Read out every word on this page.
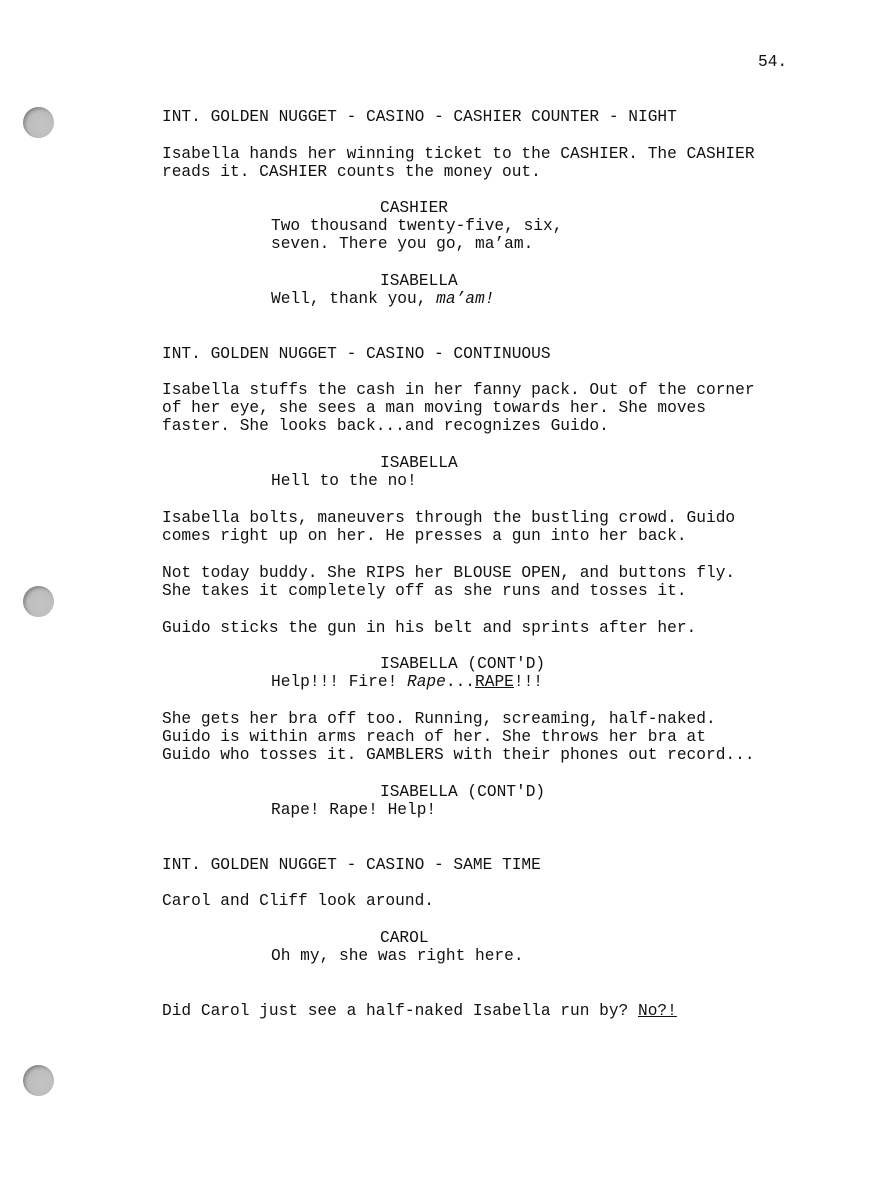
54.
INT. GOLDEN NUGGET - CASINO - CASHIER COUNTER - NIGHT
Isabella hands her winning ticket to the CASHIER. The CASHIER
reads it. CASHIER counts the money out.
CASHIER
Two thousand twenty-five, six,
seven. There you go, ma’am.
ISABELLA
Well, thank you, ma’am!
INT. GOLDEN NUGGET - CASINO - CONTINUOUS
Isabella stuffs the cash in her fanny pack. Out of the corner
of her eye, she sees a man moving towards her. She moves
faster. She looks back...and recognizes Guido.
ISABELLA
Hell to the no!
Isabella bolts, maneuvers through the bustling crowd. Guido
comes right up on her. He presses a gun into her back.
Not today buddy. She RIPS her BLOUSE OPEN, and buttons fly.
She takes it completely off as she runs and tosses it.
Guido sticks the gun in his belt and sprints after her.
ISABELLA (CONT'D)
Help!!! Fire! Rape...RAPE!!!
She gets her bra off too. Running, screaming, half-naked.
Guido is within arms reach of her. She throws her bra at
Guido who tosses it. GAMBLERS with their phones out record...
ISABELLA (CONT'D)
Rape! Rape! Help!
INT. GOLDEN NUGGET - CASINO - SAME TIME
Carol and Cliff look around.
CAROL
Oh my, she was right here.
Did Carol just see a half-naked Isabella run by? No?!
